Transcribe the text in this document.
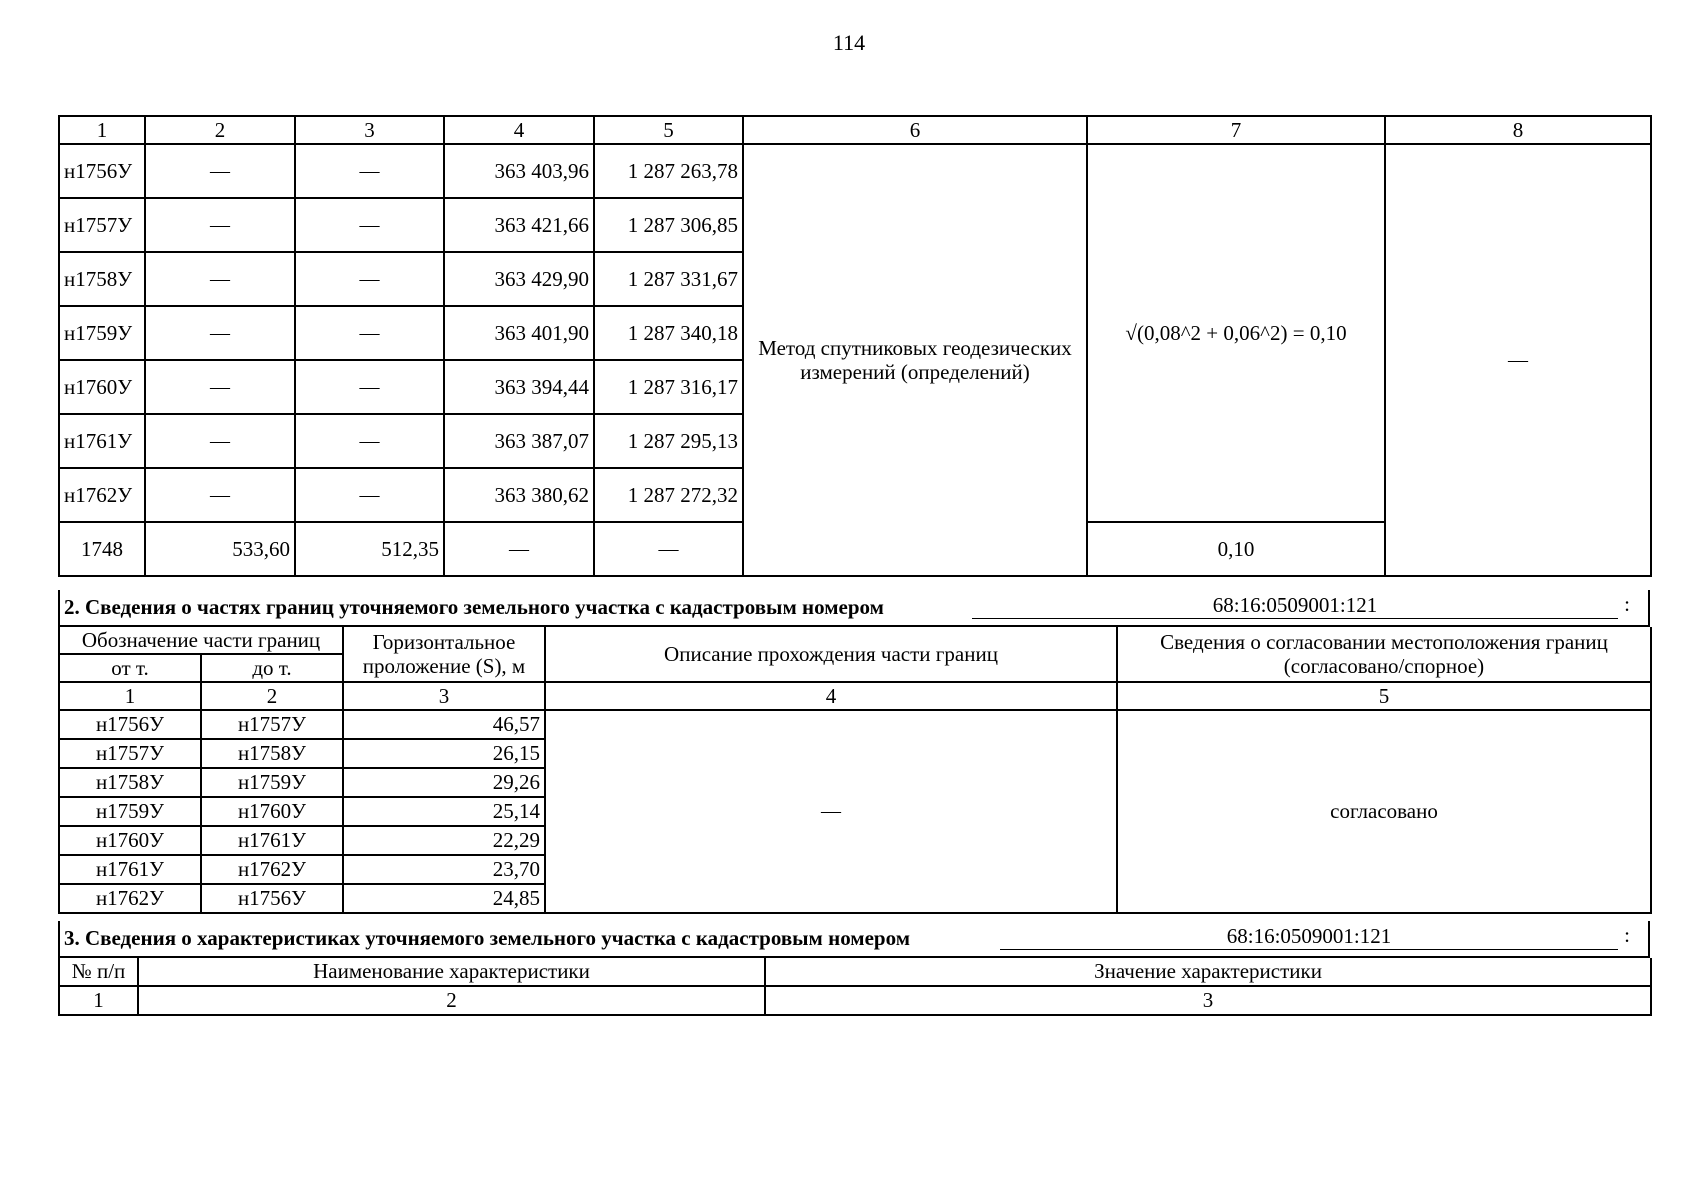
114
1	2	3	4	5	6	7	8
н1756У	—	—	363 403,96	1 287 263,78	Метод спутниковых геодезических измерений (определений)	√(0,08^2 + 0,06^2) = 0,10	—
н1757У	—	—	363 421,66	1 287 306,85			
н1758У	—	—	363 429,90	1 287 331,67			
н1759У	—	—	363 401,90	1 287 340,18			
н1760У	—	—	363 394,44	1 287 316,17			
н1761У	—	—	363 387,07	1 287 295,13			
н1762У	—	—	363 380,62	1 287 272,32			
1748	533,60	512,35	—	—		0,10	
2. Сведения о частях границ уточняемого земельного участка с кадастровым номером	68:16:0509001:121	:
Обозначение части границ		Горизонтальное проложение (S), м	Описание прохождения части границ	Сведения о согласовании местоположения границ (согласовано/спорное)
от т.	до т.			
1	2	3	4	5
н1756У	н1757У	46,57	—	согласовано
н1757У	н1758У	26,15		
н1758У	н1759У	29,26		
н1759У	н1760У	25,14		
н1760У	н1761У	22,29		
н1761У	н1762У	23,70		
н1762У	н1756У	24,85		
3. Сведения о характеристиках уточняемого земельного участка с кадастровым номером	68:16:0509001:121	:
№ п/п	Наименование характеристики	Значение характеристики
1	2	3
